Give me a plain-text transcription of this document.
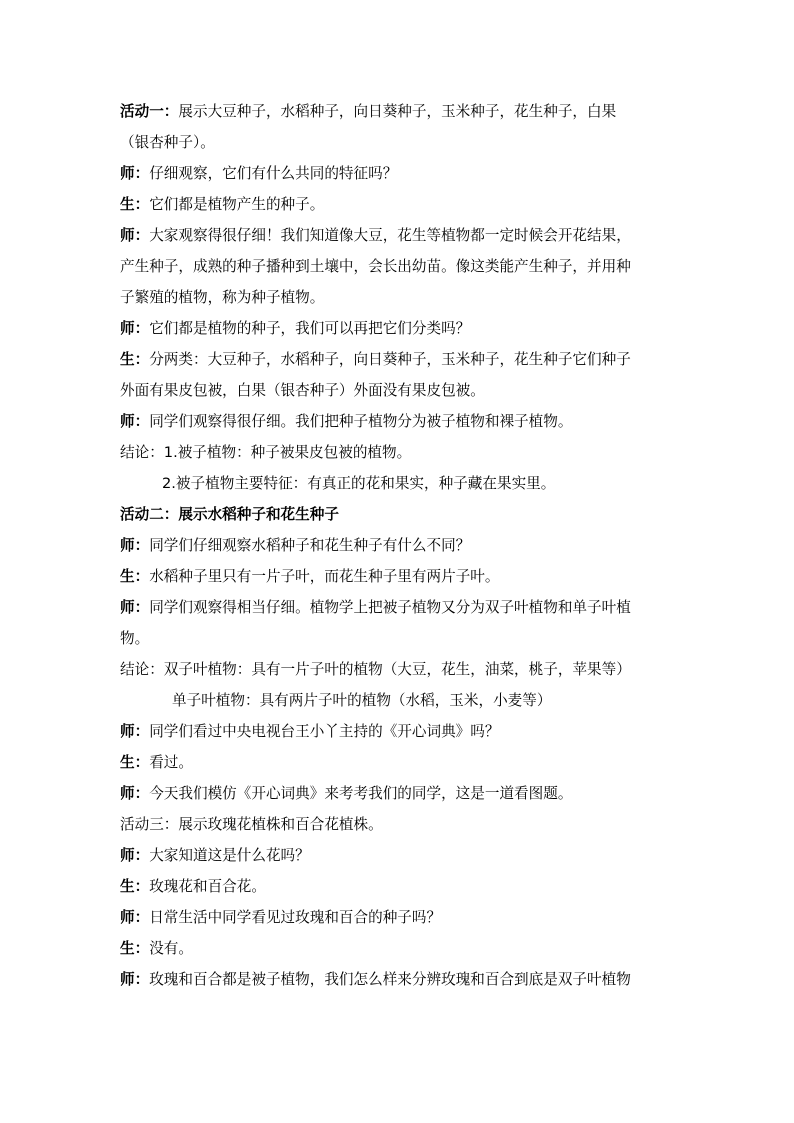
活动一：展示大豆种子，水稻种子，向日葵种子，玉米种子，花生种子，白果
（银杏种子）。
师：仔细观察，它们有什么共同的特征吗？
生：它们都是植物产生的种子。
师：大家观察得很仔细！我们知道像大豆，花生等植物都一定时候会开花结果，
产生种子，成熟的种子播种到土壤中，会长出幼苗。像这类能产生种子，并用种
子繁殖的植物，称为种子植物。
师：它们都是植物的种子，我们可以再把它们分类吗？
生：分两类：大豆种子，水稻种子，向日葵种子，玉米种子，花生种子它们种子
外面有果皮包被，白果（银杏种子）外面没有果皮包被。
师：同学们观察得很仔细。我们把种子植物分为被子植物和裸子植物。
结论：1.被子植物：种子被果皮包被的植物。
2.被子植物主要特征：有真正的花和果实，种子藏在果实里。
活动二：展示水稻种子和花生种子
师：同学们仔细观察水稻种子和花生种子有什么不同？
生：水稻种子里只有一片子叶，而花生种子里有两片子叶。
师：同学们观察得相当仔细。植物学上把被子植物又分为双子叶植物和单子叶植
物。
结论：双子叶植物：具有一片子叶的植物（大豆，花生，油菜，桃子，苹果等）
单子叶植物：具有两片子叶的植物（水稻，玉米，小麦等）
师：同学们看过中央电视台王小丫主持的《开心词典》吗？
生：看过。
师：今天我们模仿《开心词典》来考考我们的同学，这是一道看图题。
活动三：展示玫瑰花植株和百合花植株。
师：大家知道这是什么花吗？
生：玫瑰花和百合花。
师：日常生活中同学看见过玫瑰和百合的种子吗？
生：没有。
师：玫瑰和百合都是被子植物，我们怎么样来分辨玫瑰和百合到底是双子叶植物
